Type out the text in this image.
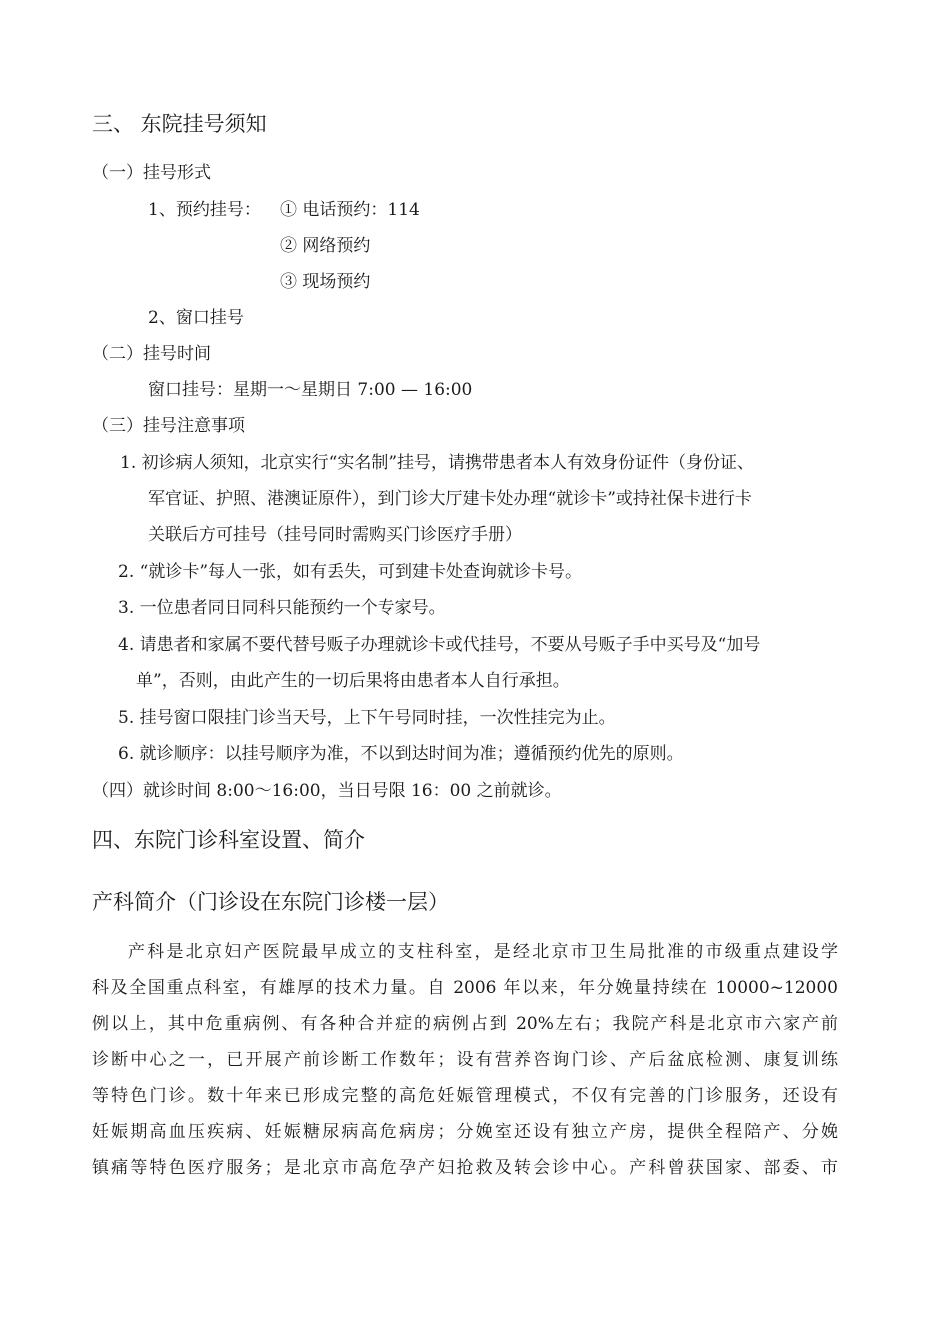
三、 东院挂号须知
（一）挂号形式
1、预约挂号： ① 电话预约：114
② 网络预约
③ 现场预约
2、窗口挂号
（二）挂号时间
窗口挂号：星期一～星期日 7:00 — 16:00
（三）挂号注意事项
1. 初诊病人须知，北京实行“实名制”挂号，请携带患者本人有效身份证件（身份证、
军官证、护照、港澳证原件），到门诊大厅建卡处办理“就诊卡”或持社保卡进行卡
关联后方可挂号（挂号同时需购买门诊医疗手册）
2. “就诊卡”每人一张，如有丢失，可到建卡处查询就诊卡号。
3. 一位患者同日同科只能预约一个专家号。
4. 请患者和家属不要代替号贩子办理就诊卡或代挂号，不要从号贩子手中买号及“加号
单”，否则，由此产生的一切后果将由患者本人自行承担。
5. 挂号窗口限挂门诊当天号，上下午号同时挂，一次性挂完为止。
6. 就诊顺序：以挂号顺序为准，不以到达时间为准；遵循预约优先的原则。
（四）就诊时间 8:00～16:00，当日号限 16：00 之前就诊。
四、东院门诊科室设置、简介
产科简介（门诊设在东院门诊楼一层）
产科是北京妇产医院最早成立的支柱科室，是经北京市卫生局批准的市级重点建设学
科及全国重点科室，有雄厚的技术力量。自 2006 年以来，年分娩量持续在 10000~12000
例以上，其中危重病例、有各种合并症的病例占到 20%左右；我院产科是北京市六家产前
诊断中心之一，已开展产前诊断工作数年；设有营养咨询门诊、产后盆底检测、康复训练
等特色门诊。数十年来已形成完整的高危妊娠管理模式，不仅有完善的门诊服务，还设有
妊娠期高血压疾病、妊娠糖尿病高危病房；分娩室还设有独立产房，提供全程陪产、分娩
镇痛等特色医疗服务；是北京市高危孕产妇抢救及转会诊中心。产科曾获国家、部委、市
